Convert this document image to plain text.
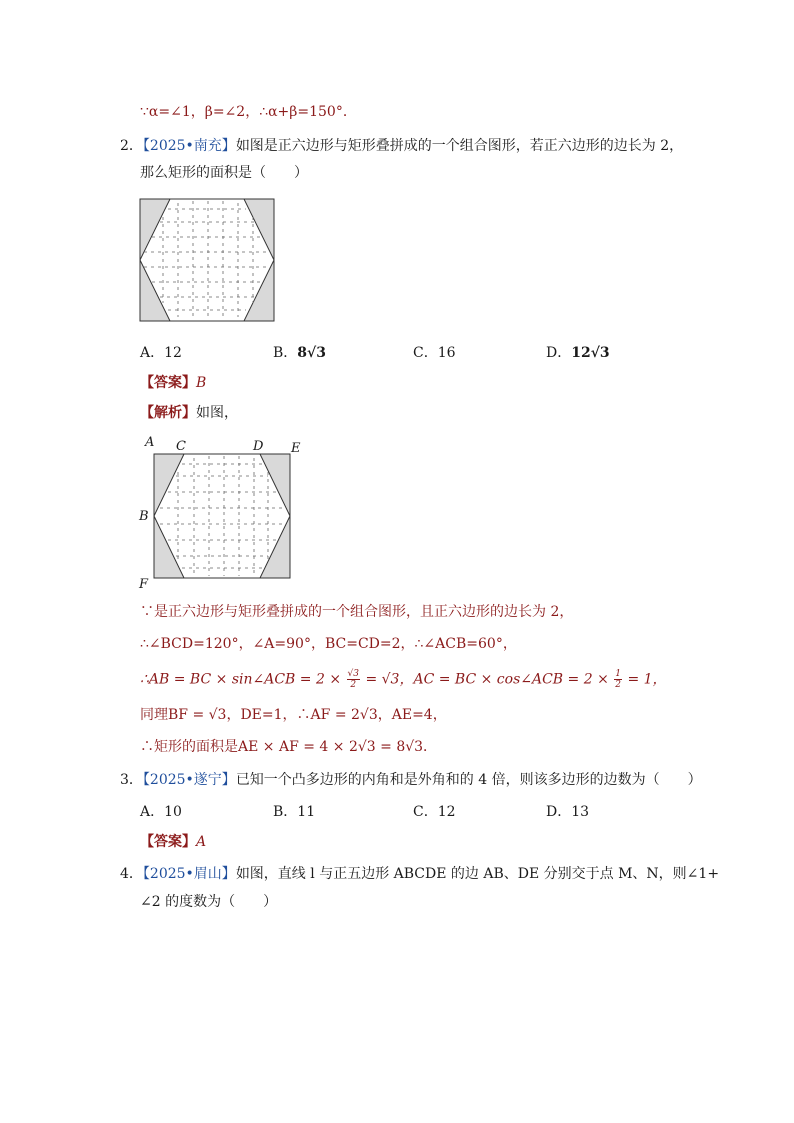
∵α=∠1，β=∠2，∴α+β=150°．
2．【2025•南充】如图是正六边形与矩形叠拼成的一个组合图形，若正六边形的边长为 2，
那么矩形的面积是（　　）
A．12	B．8√3	C．16	D．12√3
【答案】B
【解析】如图，
A C	D E
B
F
∵是正六边形与矩形叠拼成的一个组合图形，且正六边形的边长为 2，
∴∠BCD=120°，∠A=90°，BC=CD=2，∴∠ACB=60°，
∴AB = BC × sin∠ACB = $2 \times \frac{√3}{2} = √3$，AC = BC × cos∠ACB = $2 \times \frac{1}{2} = 1$，
同理BF = √3，DE=1，∴AF = 2√3，AE=4，
∴矩形的面积是AE × AF = 4 × 2√3 = 8√3．
3．【2025•遂宁】已知一个凸多边形的内角和是外角和的 4 倍，则该多边形的边数为（　　）
A．10	B．11	C．12	D．13
【答案】A
4．【2025•眉山】如图，直线 l 与正五边形 ABCDE 的边 AB、DE 分别交于点 M、N，则∠1+
∠2 的度数为（　　）
